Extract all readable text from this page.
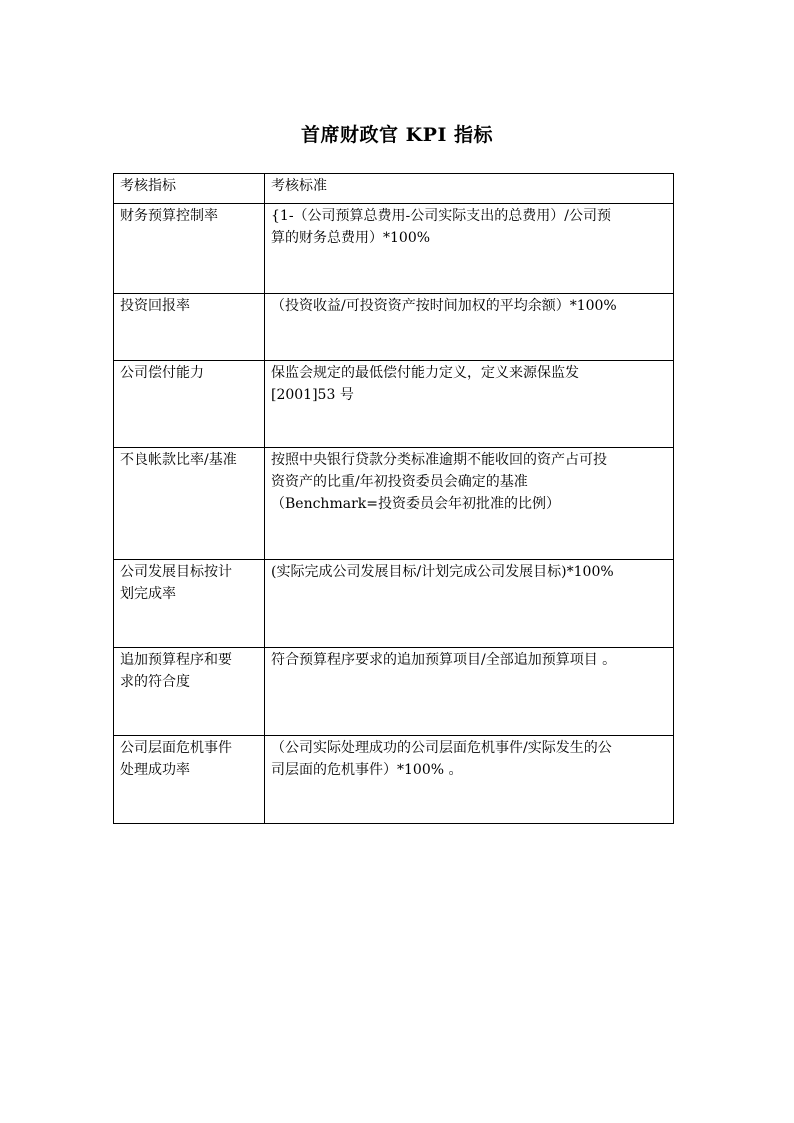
首席财政官 KPI 指标
考核指标	考核标准

财务预算控制率	{1-（公司预算总费用-公司实际支出的总费用）/公司预
算的财务总费用）*100%

投资回报率	（投资收益/可投资资产按时间加权的平均余额）*100%

公司偿付能力	保监会规定的最低偿付能力定义，定义来源保监发
[2001]53 号

不良帐款比率/基准	按照中央银行贷款分类标准逾期不能收回的资产占可投
资资产的比重/年初投资委员会确定的基准
（Benchmark=投资委员会年初批准的比例）

公司发展目标按计
划完成率	(实际完成公司发展目标/计划完成公司发展目标)*100%

追加预算程序和要
求的符合度	符合预算程序要求的追加预算项目/全部追加预算项目 。

公司层面危机事件
处理成功率	（公司实际处理成功的公司层面危机事件/实际发生的公
司层面的危机事件）*100% 。
